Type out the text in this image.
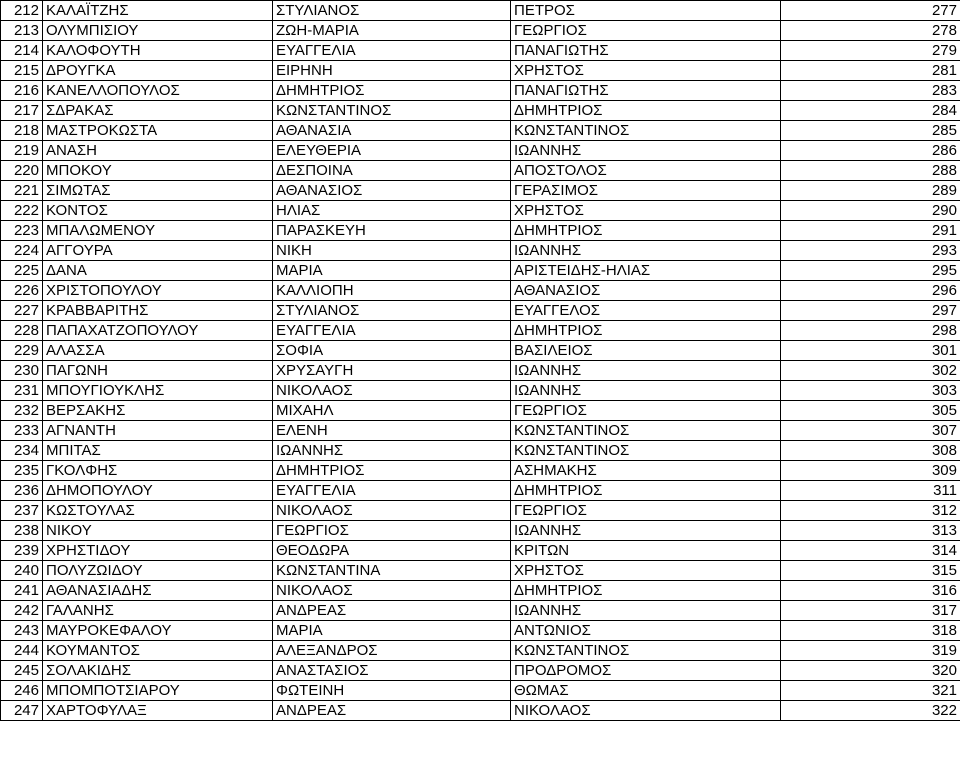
212	ΚΑΛΑΪΤΖΗΣ	ΣΤΥΛΙΑΝΟΣ	ΠΕΤΡΟΣ	277
213	ΟΛΥΜΠΙΣΙΟΥ	ΖΩΗ-ΜΑΡΙΑ	ΓΕΩΡΓΙΟΣ	278
214	ΚΑΛΟΦΟΥΤΗ	ΕΥΑΓΓΕΛΙΑ	ΠΑΝΑΓΙΩΤΗΣ	279
215	ΔΡΟΥΓΚΑ	ΕΙΡΗΝΗ	ΧΡΗΣΤΟΣ	281
216	ΚΑΝΕΛΛΟΠΟΥΛΟΣ	ΔΗΜΗΤΡΙΟΣ	ΠΑΝΑΓΙΩΤΗΣ	283
217	ΣΔΡΑΚΑΣ	ΚΩΝΣΤΑΝΤΙΝΟΣ	ΔΗΜΗΤΡΙΟΣ	284
218	ΜΑΣΤΡΟΚΩΣΤΑ	ΑΘΑΝΑΣΙΑ	ΚΩΝΣΤΑΝΤΙΝΟΣ	285
219	ΑΝΑΣΗ	ΕΛΕΥΘΕΡΙΑ	ΙΩΑΝΝΗΣ	286
220	ΜΠΟΚΟΥ	ΔΕΣΠΟΙΝΑ	ΑΠΟΣΤΟΛΟΣ	288
221	ΣΙΜΩΤΑΣ	ΑΘΑΝΑΣΙΟΣ	ΓΕΡΑΣΙΜΟΣ	289
222	ΚΟΝΤΟΣ	ΗΛΙΑΣ	ΧΡΗΣΤΟΣ	290
223	ΜΠΑΛΩΜΕΝΟΥ	ΠΑΡΑΣΚΕΥΗ	ΔΗΜΗΤΡΙΟΣ	291
224	ΑΓΓΟΥΡΑ	ΝΙΚΗ	ΙΩΑΝΝΗΣ	293
225	ΔΑΝΑ	ΜΑΡΙΑ	ΑΡΙΣΤΕΙΔΗΣ-ΗΛΙΑΣ	295
226	ΧΡΙΣΤΟΠΟΥΛΟΥ	ΚΑΛΛΙΟΠΗ	ΑΘΑΝΑΣΙΟΣ	296
227	ΚΡΑΒΒΑΡΙΤΗΣ	ΣΤΥΛΙΑΝΟΣ	ΕΥΑΓΓΕΛΟΣ	297
228	ΠΑΠΑΧΑΤΖΟΠΟΥΛΟΥ	ΕΥΑΓΓΕΛΙΑ	ΔΗΜΗΤΡΙΟΣ	298
229	ΑΛΑΣΣΑ	ΣΟΦΙΑ	ΒΑΣΙΛΕΙΟΣ	301
230	ΠΑΓΩΝΗ	ΧΡΥΣΑΥΓΗ	ΙΩΑΝΝΗΣ	302
231	ΜΠΟΥΓΙΟΥΚΛΗΣ	ΝΙΚΟΛΑΟΣ	ΙΩΑΝΝΗΣ	303
232	ΒΕΡΣΑΚΗΣ	ΜΙΧΑΗΛ	ΓΕΩΡΓΙΟΣ	305
233	ΑΓΝΑΝΤΗ	ΕΛΕΝΗ	ΚΩΝΣΤΑΝΤΙΝΟΣ	307
234	ΜΠΙΤΑΣ	ΙΩΑΝΝΗΣ	ΚΩΝΣΤΑΝΤΙΝΟΣ	308
235	ΓΚΟΛΦΗΣ	ΔΗΜΗΤΡΙΟΣ	ΑΣΗΜΑΚΗΣ	309
236	ΔΗΜΟΠΟΥΛΟΥ	ΕΥΑΓΓΕΛΙΑ	ΔΗΜΗΤΡΙΟΣ	311
237	ΚΩΣΤΟΥΛΑΣ	ΝΙΚΟΛΑΟΣ	ΓΕΩΡΓΙΟΣ	312
238	ΝΙΚΟΥ	ΓΕΩΡΓΙΟΣ	ΙΩΑΝΝΗΣ	313
239	ΧΡΗΣΤΙΔΟΥ	ΘΕΟΔΩΡΑ	ΚΡΙΤΩΝ	314
240	ΠΟΛΥΖΩΙΔΟΥ	ΚΩΝΣΤΑΝΤΙΝΑ	ΧΡΗΣΤΟΣ	315
241	ΑΘΑΝΑΣΙΑΔΗΣ	ΝΙΚΟΛΑΟΣ	ΔΗΜΗΤΡΙΟΣ	316
242	ΓΑΛΑΝΗΣ	ΑΝΔΡΕΑΣ	ΙΩΑΝΝΗΣ	317
243	ΜΑΥΡΟΚΕΦΑΛΟΥ	ΜΑΡΙΑ	ΑΝΤΩΝΙΟΣ	318
244	ΚΟΥΜΑΝΤΟΣ	ΑΛΕΞΑΝΔΡΟΣ	ΚΩΝΣΤΑΝΤΙΝΟΣ	319
245	ΣΟΛΑΚΙΔΗΣ	ΑΝΑΣΤΑΣΙΟΣ	ΠΡΟΔΡΟΜΟΣ	320
246	ΜΠΟΜΠΟΤΣΙΑΡΟΥ	ΦΩΤΕΙΝΗ	ΘΩΜΑΣ	321
247	ΧΑΡΤΟΦΥΛΑΞ	ΑΝΔΡΕΑΣ	ΝΙΚΟΛΑΟΣ	322
